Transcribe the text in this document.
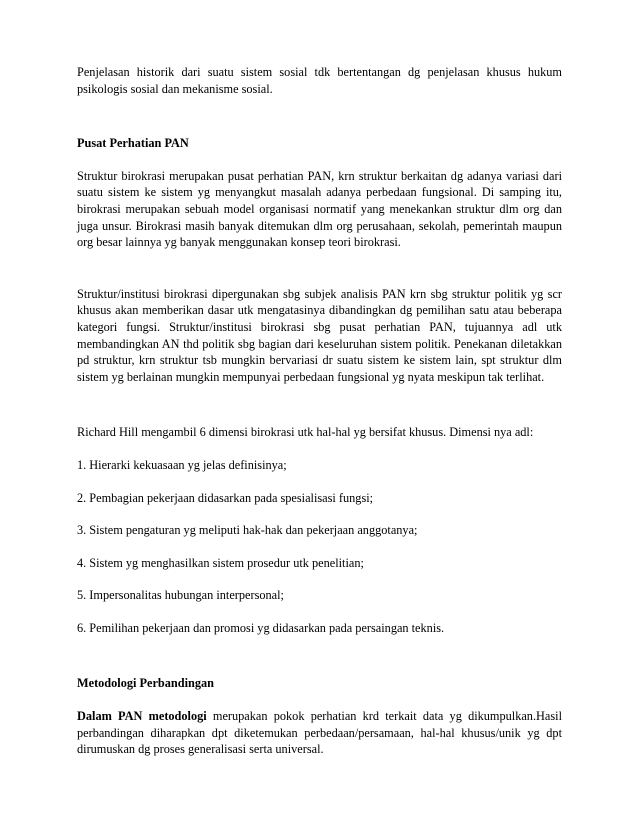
Penjelasan historik dari suatu sistem sosial tdk bertentangan dg penjelasan khusus hukum psikologis sosial dan mekanisme sosial.

Pusat Perhatian PAN

Struktur birokrasi merupakan pusat perhatian PAN, krn struktur berkaitan dg adanya variasi dari suatu sistem ke sistem yg menyangkut masalah adanya perbedaan fungsional. Di samping itu, birokrasi merupakan sebuah model organisasi normatif yang menekankan struktur dlm org dan juga unsur. Birokrasi masih banyak ditemukan dlm org perusahaan, sekolah, pemerintah maupun org besar lainnya yg banyak menggunakan konsep teori birokrasi.

Struktur/institusi birokrasi dipergunakan sbg subjek analisis PAN krn sbg struktur politik yg scr khusus akan memberikan dasar utk mengatasinya dibandingkan dg pemilihan satu atau beberapa kategori fungsi. Struktur/institusi birokrasi sbg pusat perhatian PAN, tujuannya adl utk membandingkan AN thd politik sbg bagian dari keseluruhan sistem politik. Penekanan diletakkan pd struktur, krn struktur tsb mungkin bervariasi dr suatu sistem ke sistem lain, spt struktur dlm sistem yg berlainan mungkin mempunyai perbedaan fungsional yg nyata meskipun tak terlihat.

Richard Hill mengambil 6 dimensi birokrasi utk hal-hal yg bersifat khusus. Dimensi nya adl:

1. Hierarki kekuasaan yg jelas definisinya;

2. Pembagian pekerjaan didasarkan pada spesialisasi fungsi;

3. Sistem pengaturan yg meliputi hak-hak dan pekerjaan anggotanya;

4. Sistem yg menghasilkan sistem prosedur utk penelitian;

5. Impersonalitas hubungan interpersonal;

6. Pemilihan pekerjaan dan promosi yg didasarkan pada persaingan teknis.

Metodologi Perbandingan

Dalam PAN metodologi merupakan pokok perhatian krd terkait data yg dikumpulkan.Hasil perbandingan diharapkan dpt diketemukan perbedaan/persamaan, hal-hal khusus/unik yg dpt dirumuskan dg proses generalisasi serta universal.
